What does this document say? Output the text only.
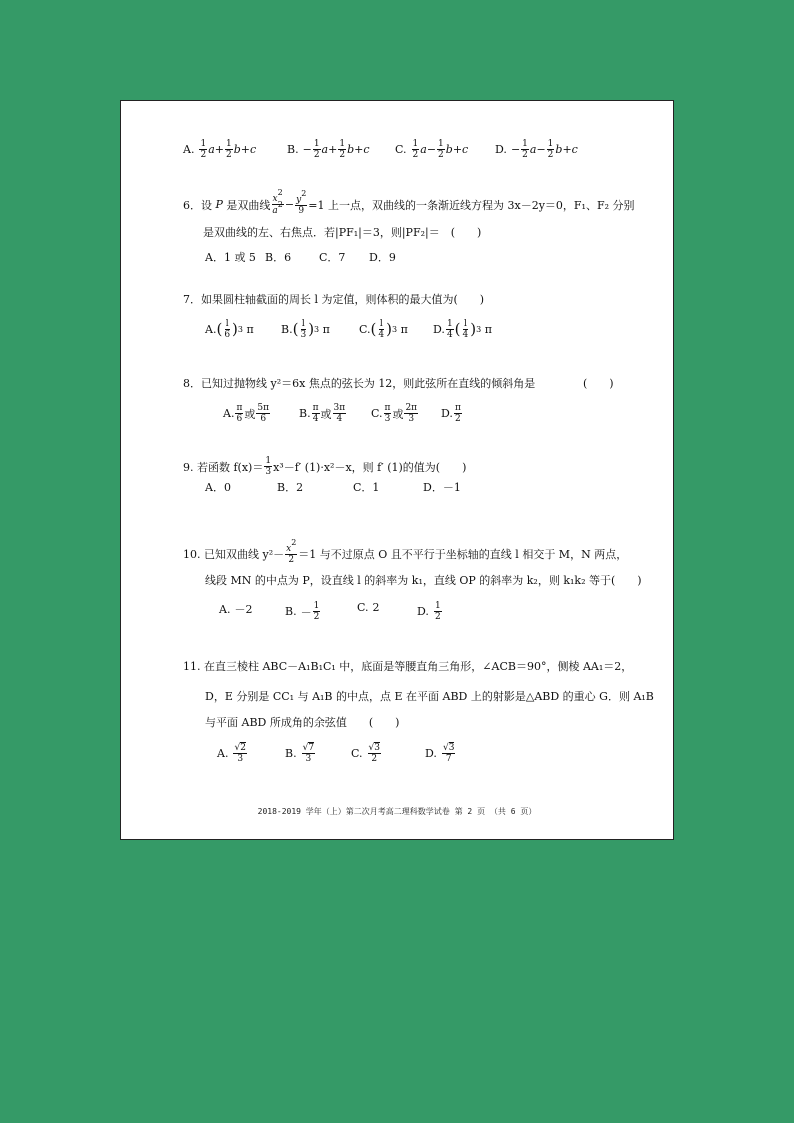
A. 1
2 a + 1
2 b + c	B. − 1
2 a + 1
2 b + c C. 1
2 a − 1
2 b + c D. − 1
2 a − 1
2 b + c
6．设
P
是双曲线 $x^2$
$a^2 - \frac{y^2}{9} =1$ 上一点，双曲线的一条渐近线方程为 3x－2y＝0，F₁、F₂ 分别
是双曲线的左、右焦点．若|PF₁|＝3，则|PF₂|＝　(　　)
A．1 或 5 B．6	C．7 D．9
7．如果圆柱轴截面的周长 l 为定值，则体积的最大值为(　　)
A. ( l
6 ) 3
π B. ( l
3 ) 3
π	C. ( l
4 ) 3
π D. 1
4 ( l
4 ) 3
π
8．已知过抛物线 y²＝6x 焦点的弦长为 12，则此弦所在直线的倾斜角是	(　　)
A. π
6 或 5π
6	B. π
4 或 3π
4	C. π
3 或 2π
3 D. π
2
9. 若函数 f(x)＝ 1
3 x³－f′ (1)·x²－x，则 f′ (1)的值为(　　)
A．0	B．2	C．1	D．－1
10. 已知双曲线 $y^2- x^2$
2 ＝1 与不过原点 O 且不平行于坐标轴的直线 l 相交于 M，N 两点，
线段 MN 的中点为 P，设直线 l 的斜率为 k₁，直线 OP 的斜率为 k₂，则 k₁k₂ 等于(　　)
A. －2	B. － 1
2
C. 2	D. 1
2
11. 在直三棱柱 ABC－A₁B₁C₁ 中，底面是等腰直角三角形，∠ACB＝90°，侧棱 AA₁＝2，
D，E 分别是 CC₁ 与 A₁B 的中点，点 E 在平面 ABD 上的射影是△ABD 的重心 G．则 A₁B
与平面 ABD 所成角的余弦值　　(　　)
A. √2
3	B. √7
3	C. √3
2	D. √3
7
2018-2019 学年（上）第二次月考高二理科数学试卷 第 2 页 （共 6 页）
